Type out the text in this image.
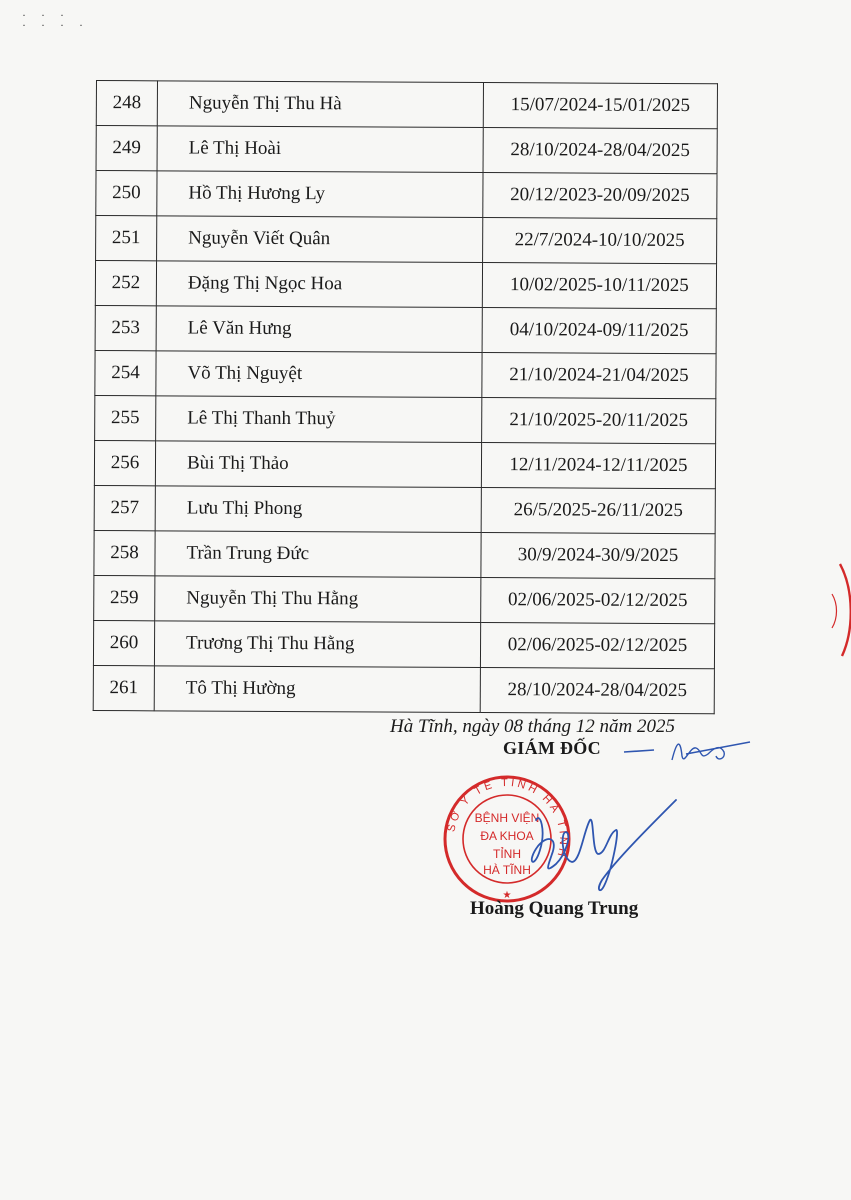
· · ·
· · · ·
248	Nguyễn Thị Thu Hà	15/07/2024-15/01/2025
249	Lê Thị Hoài	28/10/2024-28/04/2025
250	Hồ Thị Hương Ly	20/12/2023-20/09/2025
251	Nguyễn Viết Quân	22/7/2024-10/10/2025
252	Đặng Thị Ngọc Hoa	10/02/2025-10/11/2025
253	Lê Văn Hưng	04/10/2024-09/11/2025
254	Võ Thị Nguyệt	21/10/2024-21/04/2025
255	Lê Thị Thanh Thuỷ	21/10/2025-20/11/2025
256	Bùi Thị Thảo	12/11/2024-12/11/2025
257	Lưu Thị Phong	26/5/2025-26/11/2025
258	Trần Trung Đức	30/9/2024-30/9/2025
259	Nguyễn Thị Thu Hằng	02/06/2025-02/12/2025
260	Trương Thị Thu Hằng	02/06/2025-02/12/2025
261	Tô Thị Hường	28/10/2024-28/04/2025
Hà Tĩnh, ngày 08 tháng 12 năm 2025
GIÁM ĐỐC
SỞ Y TẾ TỈNH HÀ TĨNH
BỆNH VIỆN
ĐA KHOA
TỈNH
HÀ TĨNH
★
Hoàng Quang Trung
